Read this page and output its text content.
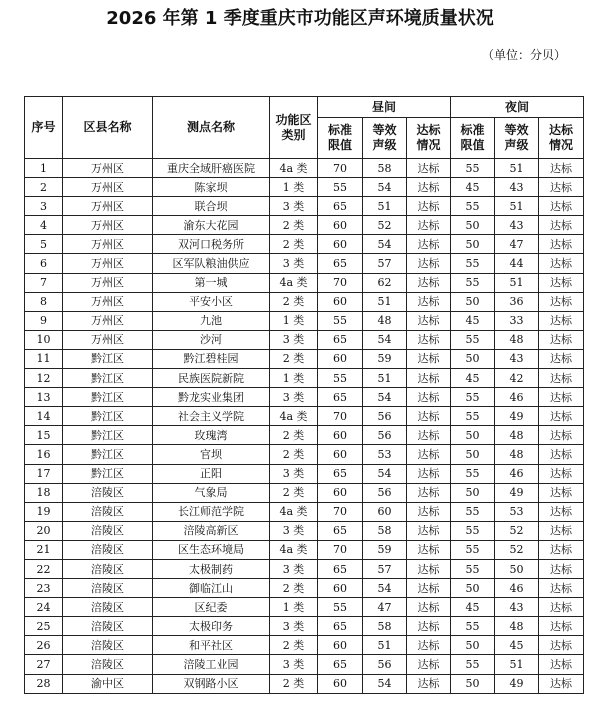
2026 年第 1 季度重庆市功能区声环境质量状况
（单位：分贝）
序号	区县名称	测点名称	功能区类别	昼间			夜间		
				标准限值	等效声级	达标情况	标准限值	等效声级	达标情况
1	万州区	重庆全域肝癌医院	4a 类	70	58	达标	55	51	达标
2	万州区	陈家坝	1 类	55	54	达标	45	43	达标
3	万州区	联合坝	3 类	65	51	达标	55	51	达标
4	万州区	渝东大花园	2 类	60	52	达标	50	43	达标
5	万州区	双河口税务所	2 类	60	54	达标	50	47	达标
6	万州区	区军队粮油供应	3 类	65	57	达标	55	44	达标
7	万州区	第一城	4a 类	70	62	达标	55	51	达标
8	万州区	平安小区	2 类	60	51	达标	50	36	达标
9	万州区	九池	1 类	55	48	达标	45	33	达标
10	万州区	沙河	3 类	65	54	达标	55	48	达标
11	黔江区	黔江碧桂园	2 类	60	59	达标	50	43	达标
12	黔江区	民族医院新院	1 类	55	51	达标	45	42	达标
13	黔江区	黔龙实业集团	3 类	65	54	达标	55	46	达标
14	黔江区	社会主义学院	4a 类	70	56	达标	55	49	达标
15	黔江区	玫瑰湾	2 类	60	56	达标	50	48	达标
16	黔江区	官坝	2 类	60	53	达标	50	48	达标
17	黔江区	正阳	3 类	65	54	达标	55	46	达标
18	涪陵区	气象局	2 类	60	56	达标	50	49	达标
19	涪陵区	长江师范学院	4a 类	70	60	达标	55	53	达标
20	涪陵区	涪陵高新区	3 类	65	58	达标	55	52	达标
21	涪陵区	区生态环境局	4a 类	70	59	达标	55	52	达标
22	涪陵区	太极制药	3 类	65	57	达标	55	50	达标
23	涪陵区	御临江山	2 类	60	54	达标	50	46	达标
24	涪陵区	区纪委	1 类	55	47	达标	45	43	达标
25	涪陵区	太极印务	3 类	65	58	达标	55	48	达标
26	涪陵区	和平社区	2 类	60	51	达标	50	45	达标
27	涪陵区	涪陵工业园	3 类	65	56	达标	55	51	达标
28	渝中区	双钢路小区	2 类	60	54	达标	50	49	达标
